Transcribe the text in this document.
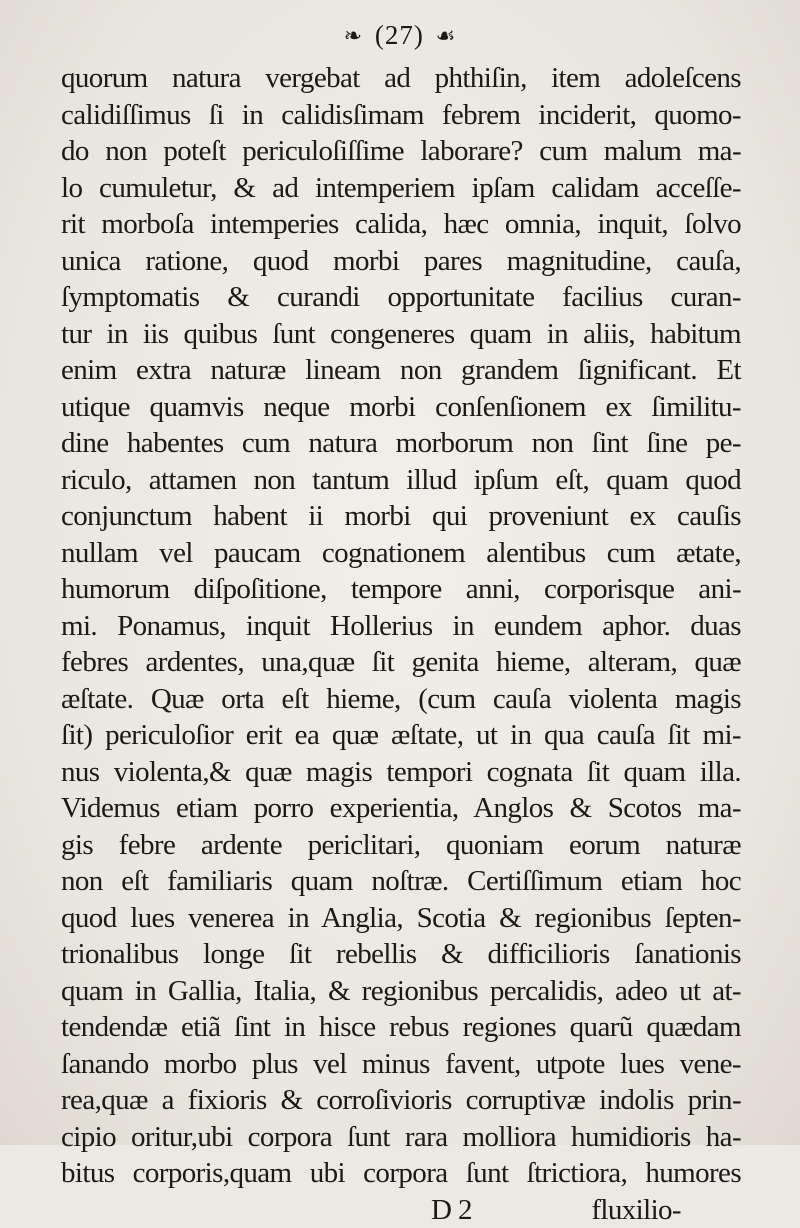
❧ (27) ☙
quorum natura vergebat ad phthiſin, item adoleſcens
calidiſſimus ſi in calidisſimam febrem inciderit, quomo-
do non poteſt periculoſiſſime laborare? cum malum ma-
lo cumuletur, & ad intemperiem ipſam calidam acceſſe-
rit morboſa intemperies calida, hæc omnia, inquit, ſolvo
unica ratione, quod morbi pares magnitudine, cauſa,
ſymptomatis & curandi opportunitate facilius curan-
tur in iis quibus ſunt congeneres quam in aliis, habitum
enim extra naturæ lineam non grandem ſignificant. Et
utique quamvis neque morbi conſenſionem ex ſimilitu-
dine habentes cum natura morborum non ſint ſine pe-
riculo, attamen non tantum illud ipſum eſt, quam quod
conjunctum habent ii morbi qui proveniunt ex cauſis
nullam vel paucam cognationem alentibus cum ætate,
humorum diſpoſitione, tempore anni, corporisque ani-
mi. Ponamus, inquit Hollerius in eundem aphor. duas
febres ardentes, una,quæ ſit genita hieme, alteram, quæ
æſtate. Quæ orta eſt hieme, (cum cauſa violenta magis
ſit) periculoſior erit ea quæ æſtate, ut in qua cauſa ſit mi-
nus violenta,& quæ magis tempori cognata ſit quam illa.
Videmus etiam porro experientia, Anglos & Scotos ma-
gis febre ardente periclitari, quoniam eorum naturæ
non eſt familiaris quam noſtræ. Certiſſimum etiam hoc
quod lues venerea in Anglia, Scotia & regionibus ſepten-
trionalibus longe ſit rebellis & difficilioris ſanationis
quam in Gallia, Italia, & regionibus percalidis, adeo ut at-
tendendæ etiã ſint in hisce rebus regiones quarũ quædam
ſanando morbo plus vel minus favent, utpote lues vene-
rea,quæ a fixioris & corroſivioris corruptivæ indolis prin-
cipio oritur,ubi corpora ſunt rara molliora humidioris ha-
bitus corporis,quam ubi corpora ſunt ſtrictiora, humores
D 2	fluxilio-
